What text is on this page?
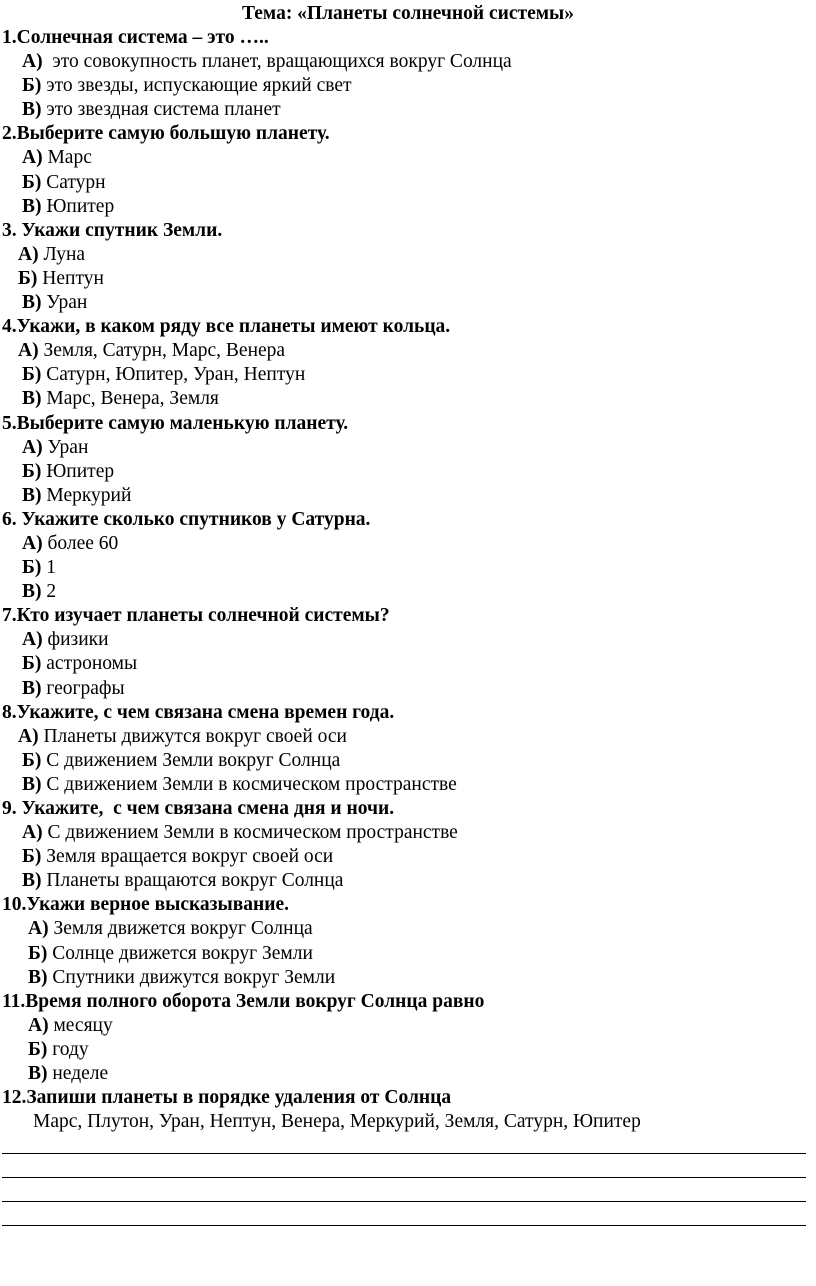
Тема: «Планеты солнечной системы»
1.Солнечная система – это …..
А)  это совокупность планет, вращающихся вокруг Солнца
Б) это звезды, испускающие яркий свет
В) это звездная система планет
2.Выберите самую большую планету.
А) Марс
Б) Сатурн
В) Юпитер
3. Укажи спутник Земли.
А) Луна
Б) Нептун
В) Уран
4.Укажи, в каком ряду все планеты имеют кольца.
А) Земля, Сатурн, Марс, Венера
Б) Сатурн, Юпитер, Уран, Нептун
В) Марс, Венера, Земля
5.Выберите самую маленькую планету.
А) Уран
Б) Юпитер
В) Меркурий
6. Укажите сколько спутников у Сатурна.
А) более 60
Б) 1
В) 2
7.Кто изучает планеты солнечной системы?
А) физики
Б) астрономы
В) географы
8.Укажите, с чем связана смена времен года.
А) Планеты движутся вокруг своей оси
Б) С движением Земли вокруг Солнца
В) С движением Земли в космическом пространстве
9. Укажите,  с чем связана смена дня и ночи.
А) С движением Земли в космическом пространстве
Б) Земля вращается вокруг своей оси
В) Планеты вращаются вокруг Солнца
10.Укажи верное высказывание.
А) Земля движется вокруг Солнца
Б) Солнце движется вокруг Земли
В) Спутники движутся вокруг Земли
11.Время полного оборота Земли вокруг Солнца равно
А) месяцу
Б) году
В) неделе
12.Запиши планеты в порядке удаления от Солнца
Марс, Плутон, Уран, Нептун, Венера, Меркурий, Земля, Сатурн, Юпитер
